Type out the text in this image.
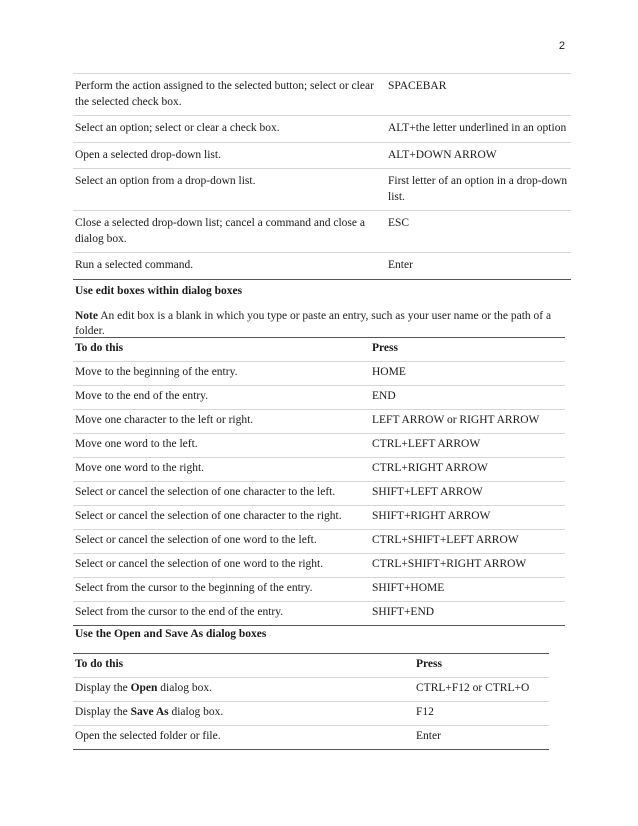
2
Perform the action assigned to the selected button; select or clear the selected check box.	SPACEBAR
Select an option; select or clear a check box.	ALT+the letter underlined in an option
Open a selected drop-down list.	ALT+DOWN ARROW
Select an option from a drop-down list.	First letter of an option in a drop-down list.
Close a selected drop-down list; cancel a command and close a dialog box.	ESC
Run a selected command.	Enter
Use edit boxes within dialog boxes
Note An edit box is a blank in which you type or paste an entry, such as your user name or the path of a folder.
To do this	Press
Move to the beginning of the entry.	HOME
Move to the end of the entry.	END
Move one character to the left or right.	LEFT ARROW or RIGHT ARROW
Move one word to the left.	CTRL+LEFT ARROW
Move one word to the right.	CTRL+RIGHT ARROW
Select or cancel the selection of one character to the left.	SHIFT+LEFT ARROW
Select or cancel the selection of one character to the right.	SHIFT+RIGHT ARROW
Select or cancel the selection of one word to the left.	CTRL+SHIFT+LEFT ARROW
Select or cancel the selection of one word to the right.	CTRL+SHIFT+RIGHT ARROW
Select from the cursor to the beginning of the entry.	SHIFT+HOME
Select from the cursor to the end of the entry.	SHIFT+END
Use the Open and Save As dialog boxes
To do this	Press
Display the Open dialog box.	CTRL+F12 or CTRL+O
Display the Save As dialog box.	F12
Open the selected folder or file.	Enter
